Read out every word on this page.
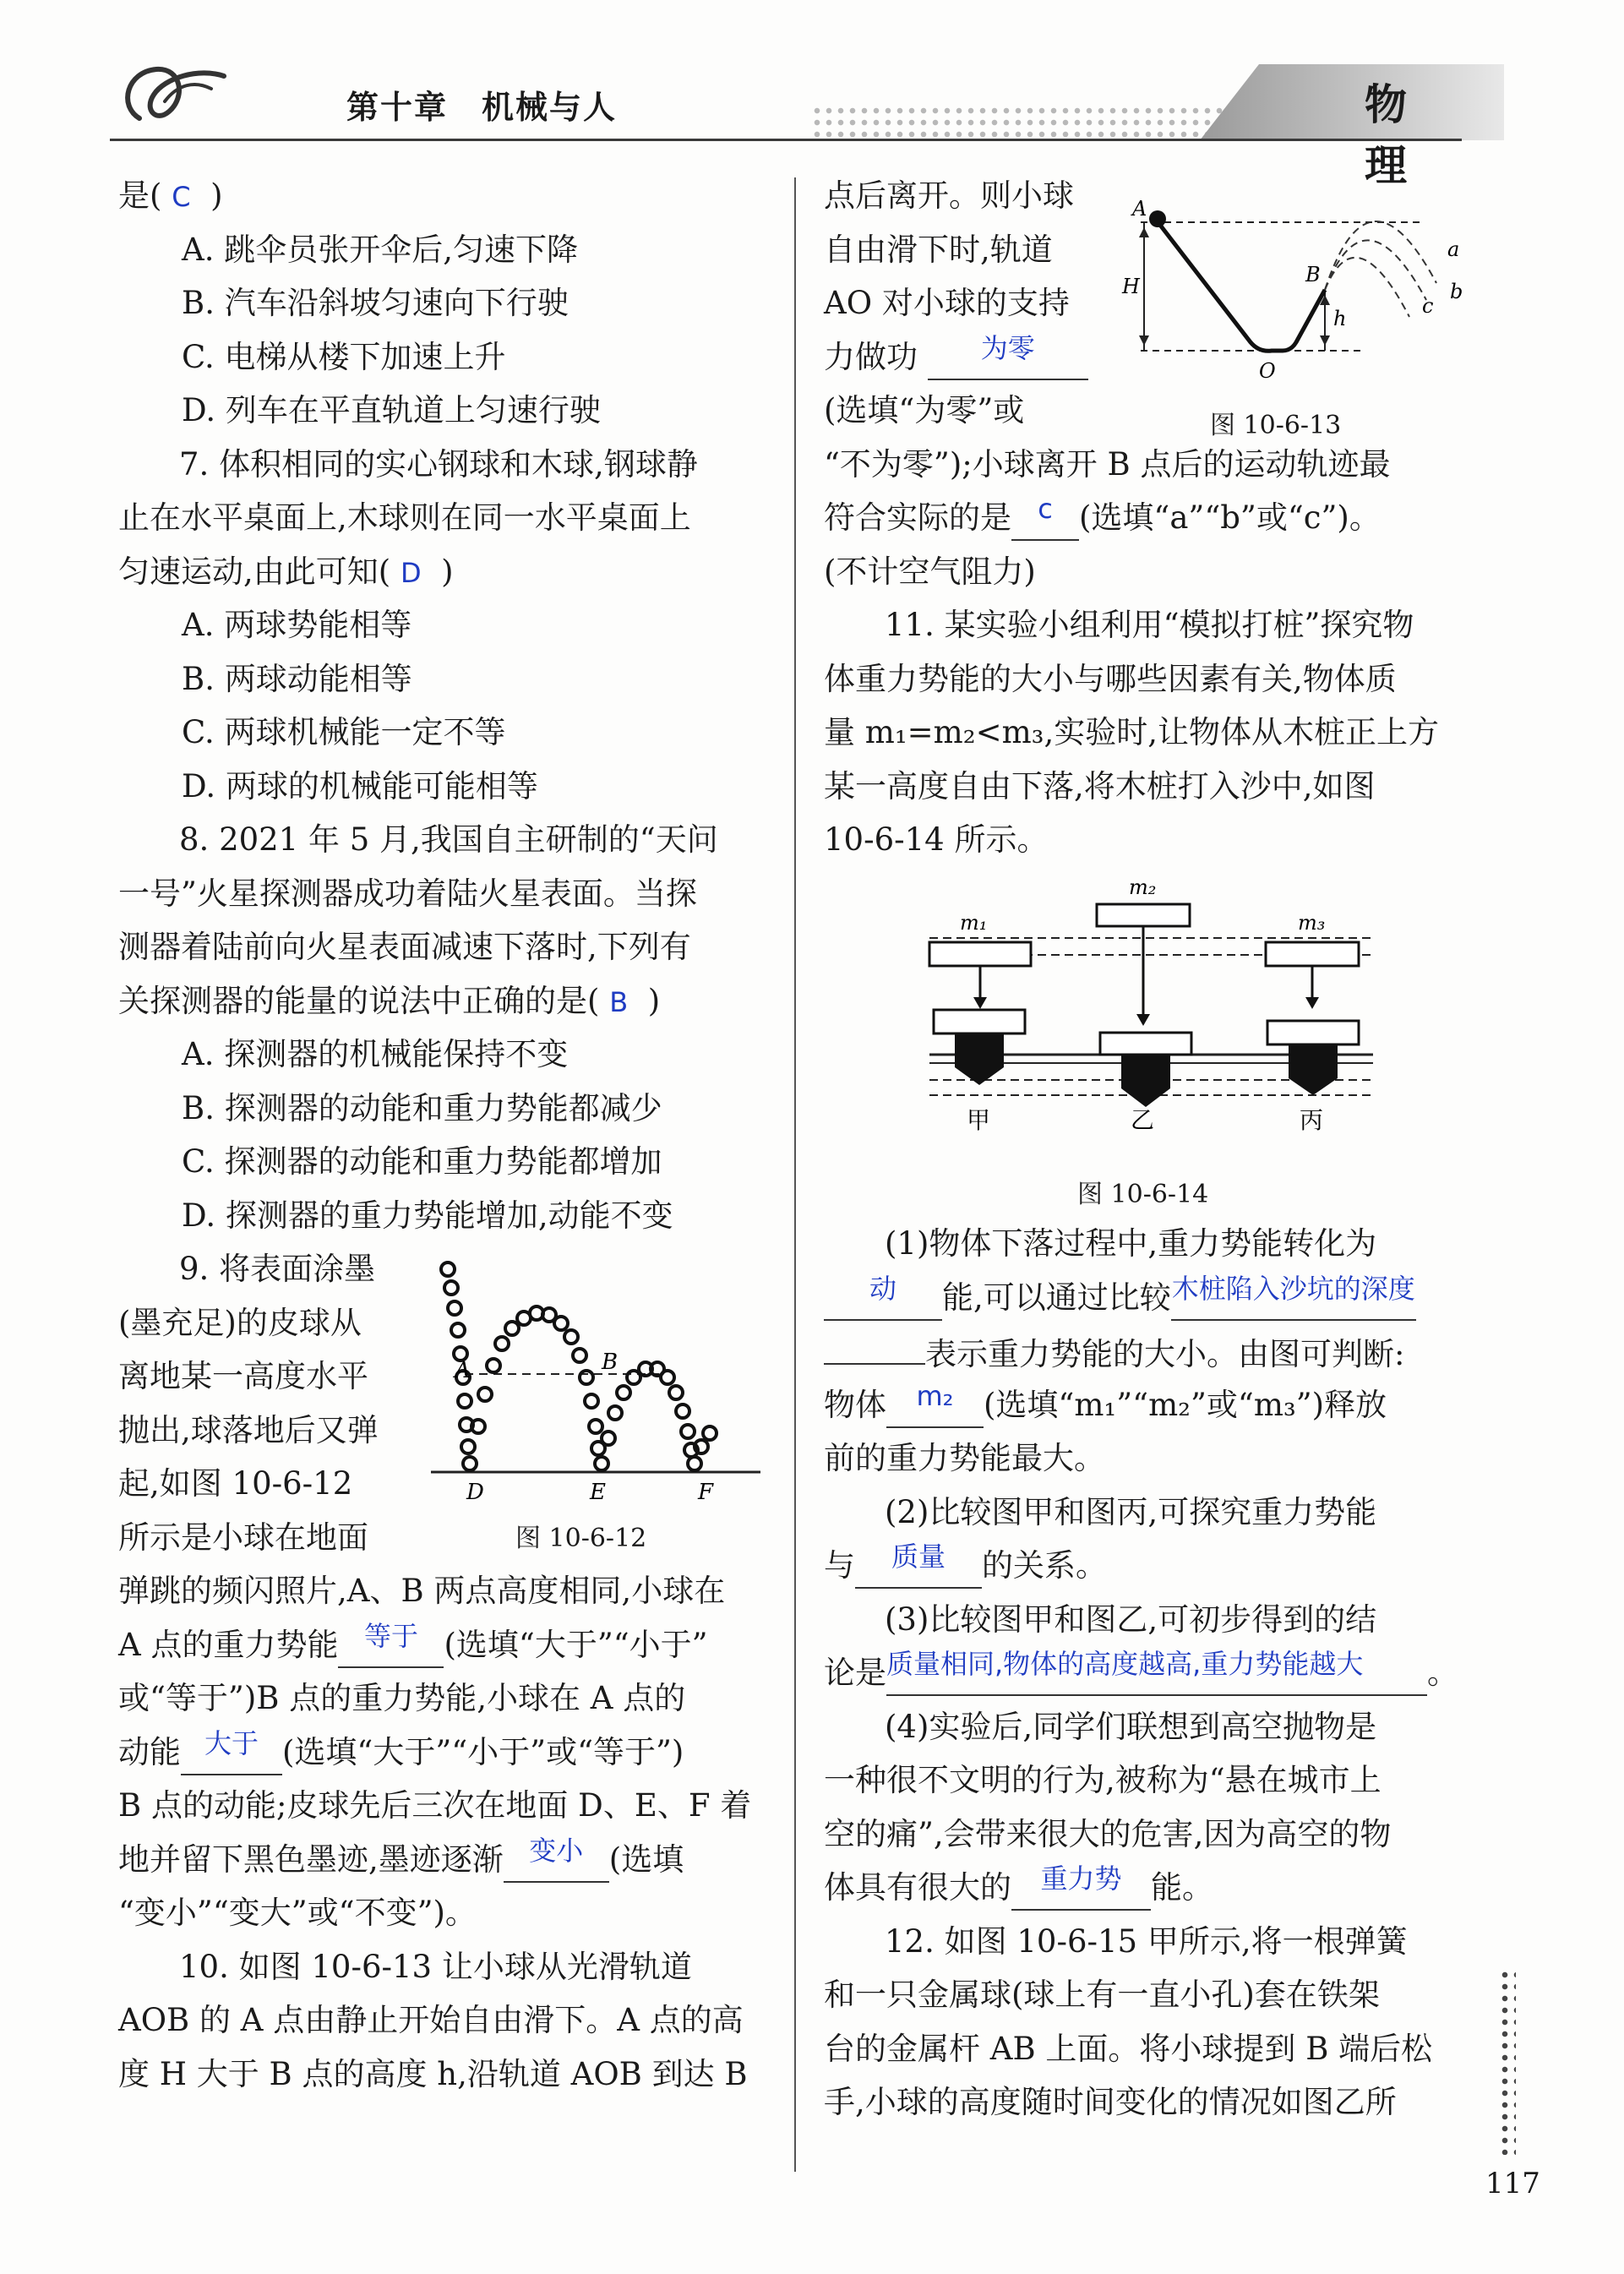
第十章　机械与人	物理
是( C )
A. 跳伞员张开伞后,匀速下降
B. 汽车沿斜坡匀速向下行驶
C. 电梯从楼下加速上升
D. 列车在平直轨道上匀速行驶
7. 体积相同的实心钢球和木球,钢球静
止在水平桌面上,木球则在同一水平桌面上
匀速运动,由此可知( D )
A. 两球势能相等
B. 两球动能相等
C. 两球机械能一定不等
D. 两球的机械能可能相等
8. 2021 年 5 月,我国自主研制的“天问
一号”火星探测器成功着陆火星表面。当探
测器着陆前向火星表面减速下落时,下列有
关探测器的能量的说法中正确的是( B )
A. 探测器的机械能保持不变
B. 探测器的动能和重力势能都减少
C. 探测器的动能和重力势能都增加
D. 探测器的重力势能增加,动能不变
9. 将表面涂墨
(墨充足)的皮球从
离地某一高度水平
抛出,球落地后又弹
起,如图 10-6-12
所示是小球在地面
弹跳的频闪照片,A、B 两点高度相同,小球在
A 点的重力势能 等于 (选填“大于”“小于”
或“等于”)B 点的重力势能,小球在 A 点的
动能 大于 (选填“大于”“小于”或“等于”)
B 点的动能;皮球先后三次在地面 D、E、F 着
地并留下黑色墨迹,墨迹逐渐 变小 (选填
“变小”“变大”或“不变”)。
10. 如图 10-6-13 让小球从光滑轨道
AOB 的 A 点由静止开始自由滑下。A 点的高
度 H 大于 B 点的高度 h,沿轨道 AOB 到达 B
A	B
D	E	F
图 10-6-12
点后离开。则小球
自由滑下时,轨道
AO 对小球的支持
力做功 为零
(选填“为零”或
“不为零”);小球离开 B 点后的运动轨迹最
符合实际的是 c (选填“a”“b”或“c”)。
(不计空气阻力)
11. 某实验小组利用“模拟打桩”探究物
体重力势能的大小与哪些因素有关,物体质
量 m₁=m₂<m₃,实验时,让物体从木桩正上方
某一高度自由下落,将木桩打入沙中,如图
10-6-14 所示。
A
H	B
h
O
a
b
c
图 10-6-13
m₁
m₂
m₃
甲	乙	丙
图 10-6-14
(1)物体下落过程中,重力势能转化为
动 能,可以通过比较木桩陷入沙坑的深度
表示重力势能的大小。由图可判断:
物体 m₂ (选填“m₁”“m₂”或“m₃”)释放
前的重力势能最大。
(2)比较图甲和图丙,可探究重力势能
与 质量 的关系。
(3)比较图甲和图乙,可初步得到的结
论是质量相同,物体的高度越高,重力势能越大 。
(4)实验后,同学们联想到高空抛物是
一种很不文明的行为,被称为“悬在城市上
空的痛”,会带来很大的危害,因为高空的物
体具有很大的 重力势 能。
12. 如图 10-6-15 甲所示,将一根弹簧
和一只金属球(球上有一直小孔)套在铁架
台的金属杆 AB 上面。将小球提到 B 端后松
手,小球的高度随时间变化的情况如图乙所
117
